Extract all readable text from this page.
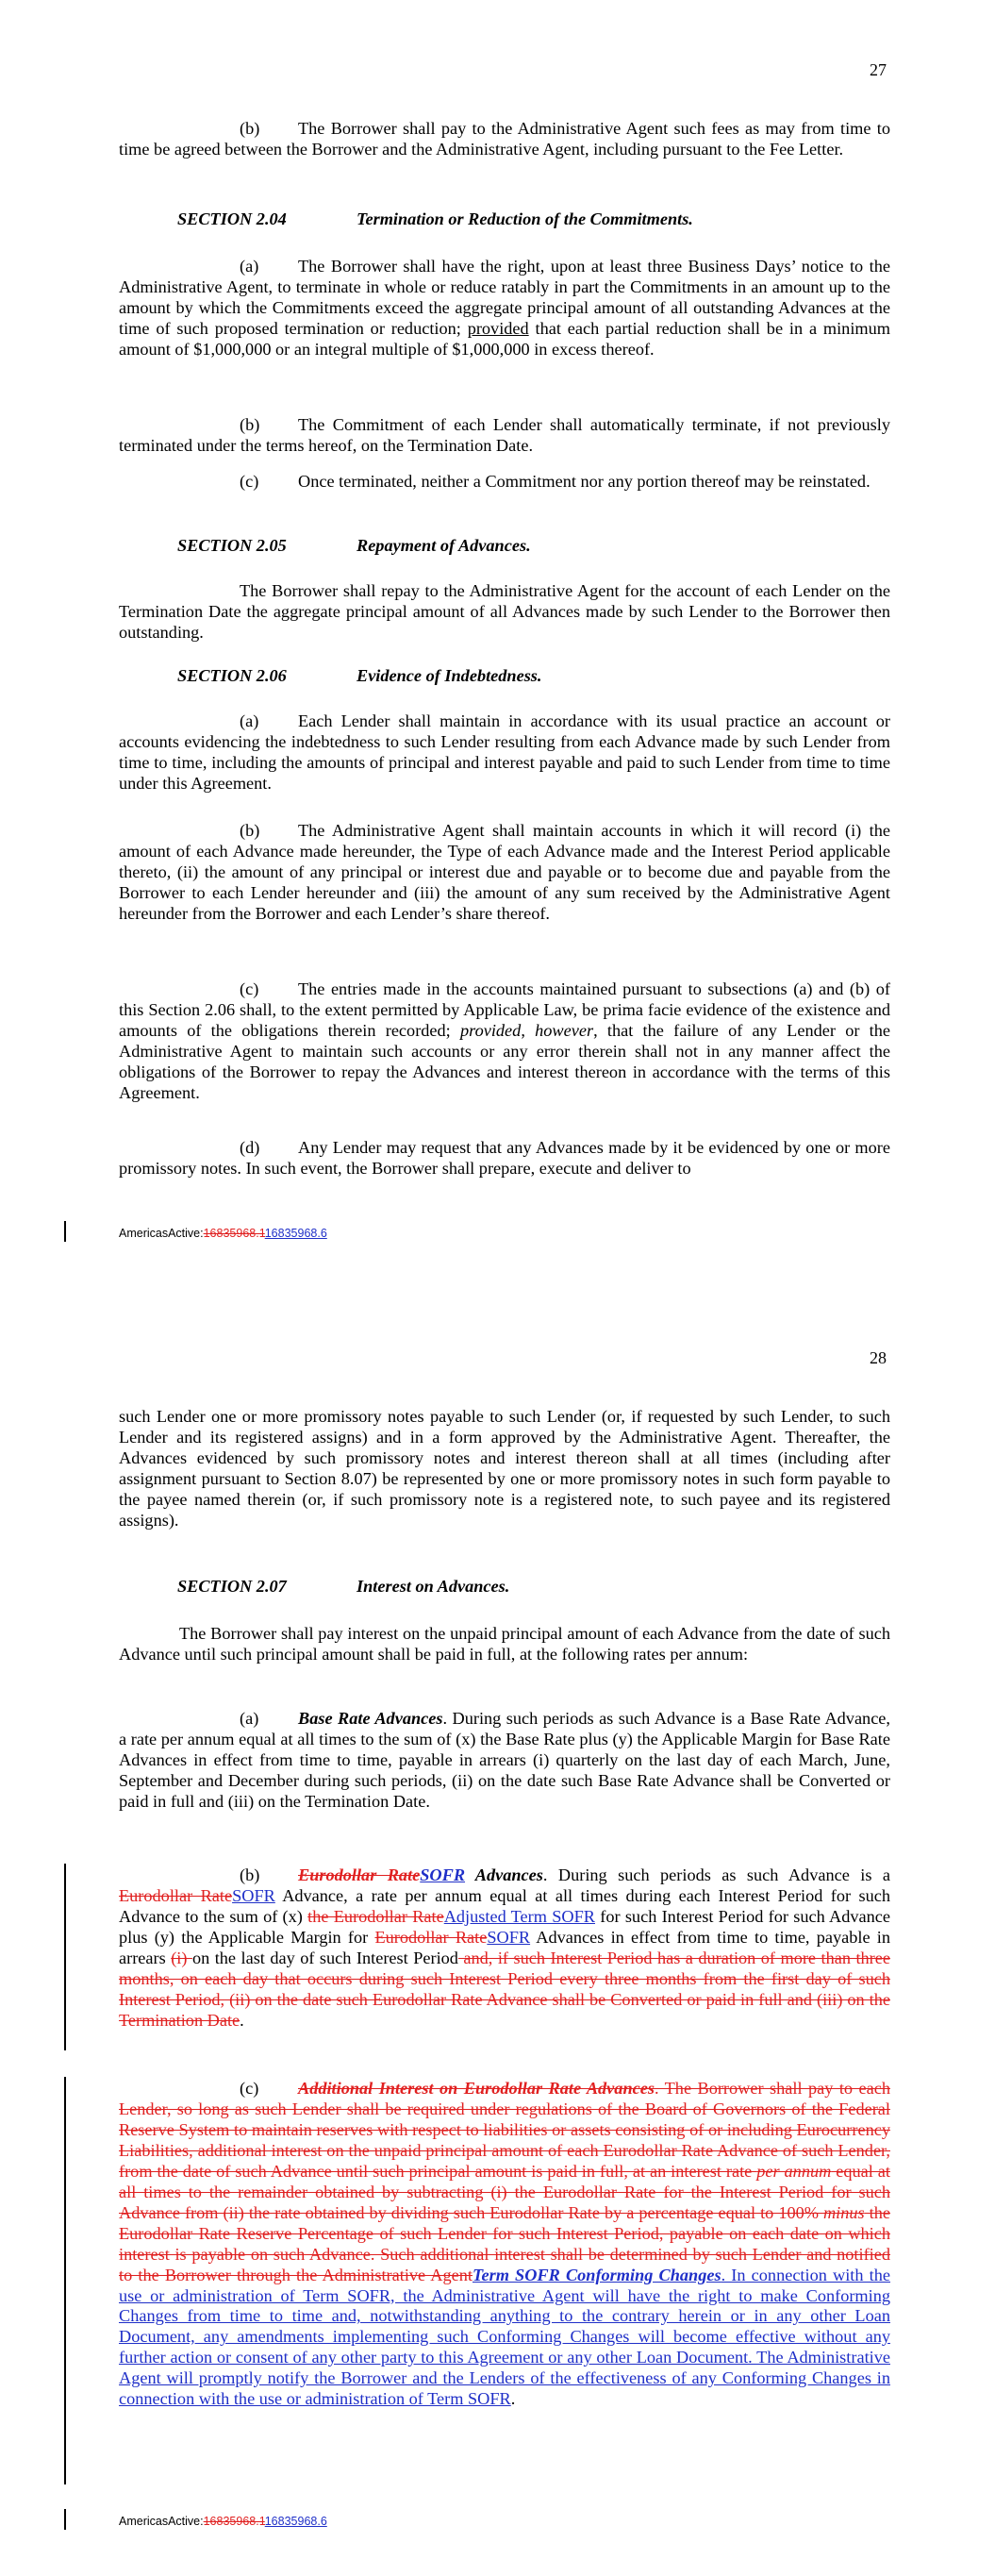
27

(b) The Borrower shall pay to the Administrative Agent such fees as may from time to time be agreed between the Borrower and the Administrative Agent, including pursuant to the Fee Letter.

SECTION 2.04	Termination or Reduction of the Commitments.

(a) The Borrower shall have the right, upon at least three Business Days’ notice to the Administrative Agent, to terminate in whole or reduce ratably in part the Commitments in an amount up to the amount by which the Commitments exceed the aggregate principal amount of all outstanding Advances at the time of such proposed termination or reduction; provided that each partial reduction shall be in a minimum amount of $1,000,000 or an integral multiple of $1,000,000 in excess thereof.

(b) The Commitment of each Lender shall automatically terminate, if not previously terminated under the terms hereof, on the Termination Date.

(c) Once terminated, neither a Commitment nor any portion thereof may be reinstated.

SECTION 2.05	Repayment of Advances.

The Borrower shall repay to the Administrative Agent for the account of each Lender on the Termination Date the aggregate principal amount of all Advances made by such Lender to the Borrower then outstanding.

SECTION 2.06	Evidence of Indebtedness.

(a) Each Lender shall maintain in accordance with its usual practice an account or accounts evidencing the indebtedness to such Lender resulting from each Advance made by such Lender from time to time, including the amounts of principal and interest payable and paid to such Lender from time to time under this Agreement.

(b) The Administrative Agent shall maintain accounts in which it will record (i) the amount of each Advance made hereunder, the Type of each Advance made and the Interest Period applicable thereto, (ii) the amount of any principal or interest due and payable or to become due and payable from the Borrower to each Lender hereunder and (iii) the amount of any sum received by the Administrative Agent hereunder from the Borrower and each Lender’s share thereof.

(c) The entries made in the accounts maintained pursuant to subsections (a) and (b) of this Section 2.06 shall, to the extent permitted by Applicable Law, be prima facie evidence of the existence and amounts of the obligations therein recorded; provided, however, that the failure of any Lender or the Administrative Agent to maintain such accounts or any error therein shall not in any manner affect the obligations of the Borrower to repay the Advances and interest thereon in accordance with the terms of this Agreement.

(d) Any Lender may request that any Advances made by it be evidenced by one or more promissory notes. In such event, the Borrower shall prepare, execute and deliver to

AmericasActive:16835968.116835968.6
28

such Lender one or more promissory notes payable to such Lender (or, if requested by such Lender, to such Lender and its registered assigns) and in a form approved by the Administrative Agent. Thereafter, the Advances evidenced by such promissory notes and interest thereon shall at all times (including after assignment pursuant to Section 8.07) be represented by one or more promissory notes in such form payable to the payee named therein (or, if such promissory note is a registered note, to such payee and its registered assigns).

SECTION 2.07	Interest on Advances.

The Borrower shall pay interest on the unpaid principal amount of each Advance from the date of such Advance until such principal amount shall be paid in full, at the following rates per annum:

(a) Base Rate Advances. During such periods as such Advance is a Base Rate Advance, a rate per annum equal at all times to the sum of (x) the Base Rate plus (y) the Applicable Margin for Base Rate Advances in effect from time to time, payable in arrears (i) quarterly on the last day of each March, June, September and December during such periods, (ii) on the date such Base Rate Advance shall be Converted or paid in full and (iii) on the Termination Date.

(b) Eurodollar RateSOFR Advances. During such periods as such Advance is a Eurodollar RateSOFR Advance, a rate per annum equal at all times during each Interest Period for such Advance to the sum of (x) the Eurodollar RateAdjusted Term SOFR for such Interest Period for such Advance plus (y) the Applicable Margin for Eurodollar RateSOFR Advances in effect from time to time, payable in arrears (i) on the last day of such Interest Period and, if such Interest Period has a duration of more than three months, on each day that occurs during such Interest Period every three months from the first day of such Interest Period, (ii) on the date such Eurodollar Rate Advance shall be Converted or paid in full and (iii) on the Termination Date.

(c) Additional Interest on Eurodollar Rate Advances. The Borrower shall pay to each Lender, so long as such Lender shall be required under regulations of the Board of Governors of the Federal Reserve System to maintain reserves with respect to liabilities or assets consisting of or including Eurocurrency Liabilities, additional interest on the unpaid principal amount of each Eurodollar Rate Advance of such Lender, from the date of such Advance until such principal amount is paid in full, at an interest rate per annum equal at all times to the remainder obtained by subtracting (i) the Eurodollar Rate for the Interest Period for such Advance from (ii) the rate obtained by dividing such Eurodollar Rate by a percentage equal to 100% minus the Eurodollar Rate Reserve Percentage of such Lender for such Interest Period, payable on each date on which interest is payable on such Advance. Such additional interest shall be determined by such Lender and notified to the Borrower through the Administrative AgentTerm SOFR Conforming Changes. In connection with the use or administration of Term SOFR, the Administrative Agent will have the right to make Conforming Changes from time to time and, notwithstanding anything to the contrary herein or in any other Loan Document, any amendments implementing such Conforming Changes will become effective without any further action or consent of any other party to this Agreement or any other Loan Document. The Administrative Agent will promptly notify the Borrower and the Lenders of the effectiveness of any Conforming Changes in connection with the use or administration of Term SOFR.

AmericasActive:16835968.116835968.6
